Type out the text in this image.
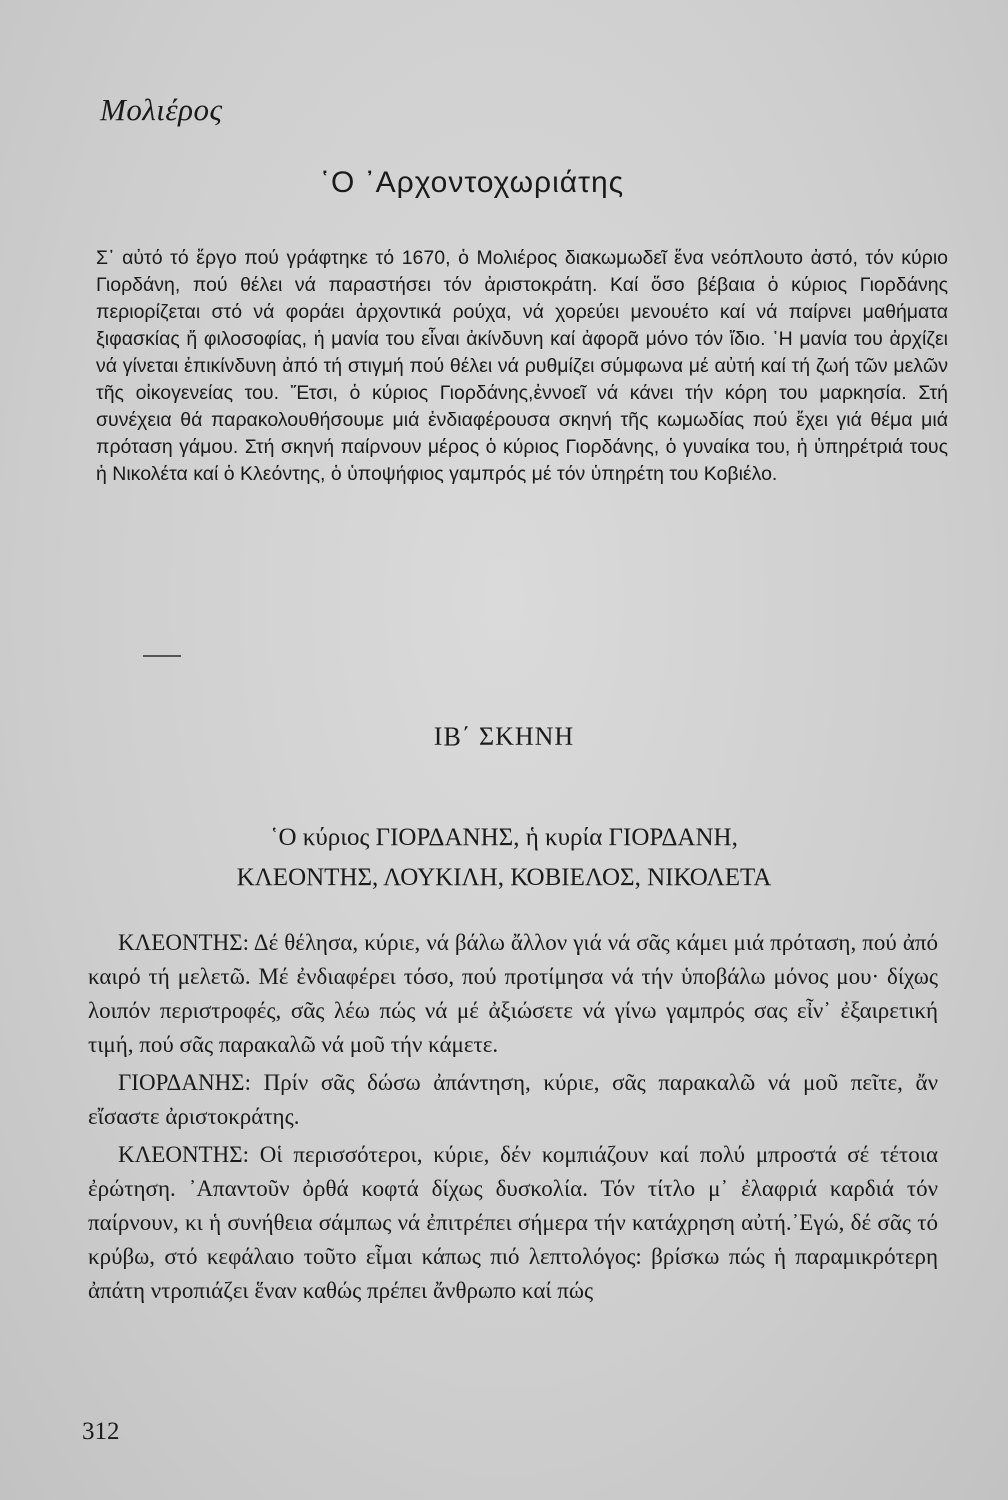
Μολιέρος
῾Ο ᾿Αρχοντοχωριάτης
Σ᾿ αὐτό τό ἔργο πού γράφτηκε τό 1670, ὁ Μολιέρος διακωμωδεῖ ἕνα νεόπλουτο ἀστό, τόν κύριο Γιορδάνη, πού θέλει νά παραστήσει τόν ἀριστοκράτη. Καί ὅσο βέβαια ὁ κύριος Γιορδάνης περιορίζεται στό νά φοράει ἀρχοντικά ρούχα, νά χορεύει μενουέτο καί νά παίρνει μαθήματα ξιφασκίας ἤ φιλοσοφίας, ἡ μανία του εἶναι ἀκίνδυνη καί ἀφορᾶ μόνο τόν ἴδιο. ῾Η μανία του ἀρχίζει νά γίνεται ἐπικίνδυνη ἀπό τή στιγμή πού θέλει νά ρυθμίζει σύμφωνα μέ αὐτή καί τή ζωή τῶν μελῶν τῆς οἰκογενείας του. Ἔτσι, ὁ κύριος Γιορδάνης,ἐννοεῖ νά κάνει τήν κόρη του μαρκησία. Στή συνέχεια θά παρακολουθήσουμε μιά ἐνδιαφέρουσα σκηνή τῆς κωμωδίας πού ἔχει γιά θέμα μιά πρόταση γάμου. Στή σκηνή παίρνουν μέρος ὁ κύριος Γιορδάνης, ὁ γυναίκα του, ἡ ὑπηρέτριά τους ἡ Νικολέτα καί ὁ Κλεόντης, ὁ ὑποψήφιος γαμπρός μέ τόν ὑπηρέτη του Κοβιέλο.
ΙΒ΄ ΣΚΗΝΗ
῾Ο κύριος ΓΙΟΡΔΑΝΗΣ, ἡ κυρία ΓΙΟΡΔΑΝΗ,
ΚΛΕΟΝΤΗΣ, ΛΟΥΚΙΛΗ, ΚΟΒΙΕΛΟΣ, ΝΙΚΟΛΕΤΑ

ΚΛΕΟΝΤΗΣ: Δέ θέλησα, κύριε, νά βάλω ἄλλον γιά νά σᾶς κάμει μιά πρόταση, πού ἀπό καιρό τή μελετῶ. Μέ ἐνδιαφέρει τόσο, πού προτίμησα νά τήν ὑποβάλω μόνος μου· δίχως λοιπόν περιστροφές, σᾶς λέω πώς νά μέ ἀξιώσετε νά γίνω γαμπρός σας εἶν᾿ ἐξαιρετική τιμή, πού σᾶς παρακαλῶ νά μοῦ τήν κάμετε.

ΓΙΟΡΔΑΝΗΣ: Πρίν σᾶς δώσω ἀπάντηση, κύριε, σᾶς παρακαλῶ νά μοῦ πεῖτε, ἄν εἴσαστε ἀριστοκράτης.

ΚΛΕΟΝΤΗΣ: Οἱ περισσότεροι, κύριε, δέν κομπιάζουν καί πολύ μπροστά σέ τέτοια ἐρώτηση. ᾿Απαντοῦν ὀρθά κοφτά δίχως δυσκολία. Τόν τίτλο μ᾿ ἐλαφριά καρδιά τόν παίρνουν, κι ἡ συνήθεια σάμπως νά ἐπιτρέπει σήμερα τήν κατάχρηση αὐτή.᾿Εγώ, δέ σᾶς τό κρύβω, στό κεφάλαιο τοῦτο εἶμαι κάπως πιό λεπτολόγος: βρίσκω πώς ἡ παραμικρότερη ἀπάτη ντροπιάζει ἕναν καθώς πρέπει ἄνθρωπο καί πώς

312
